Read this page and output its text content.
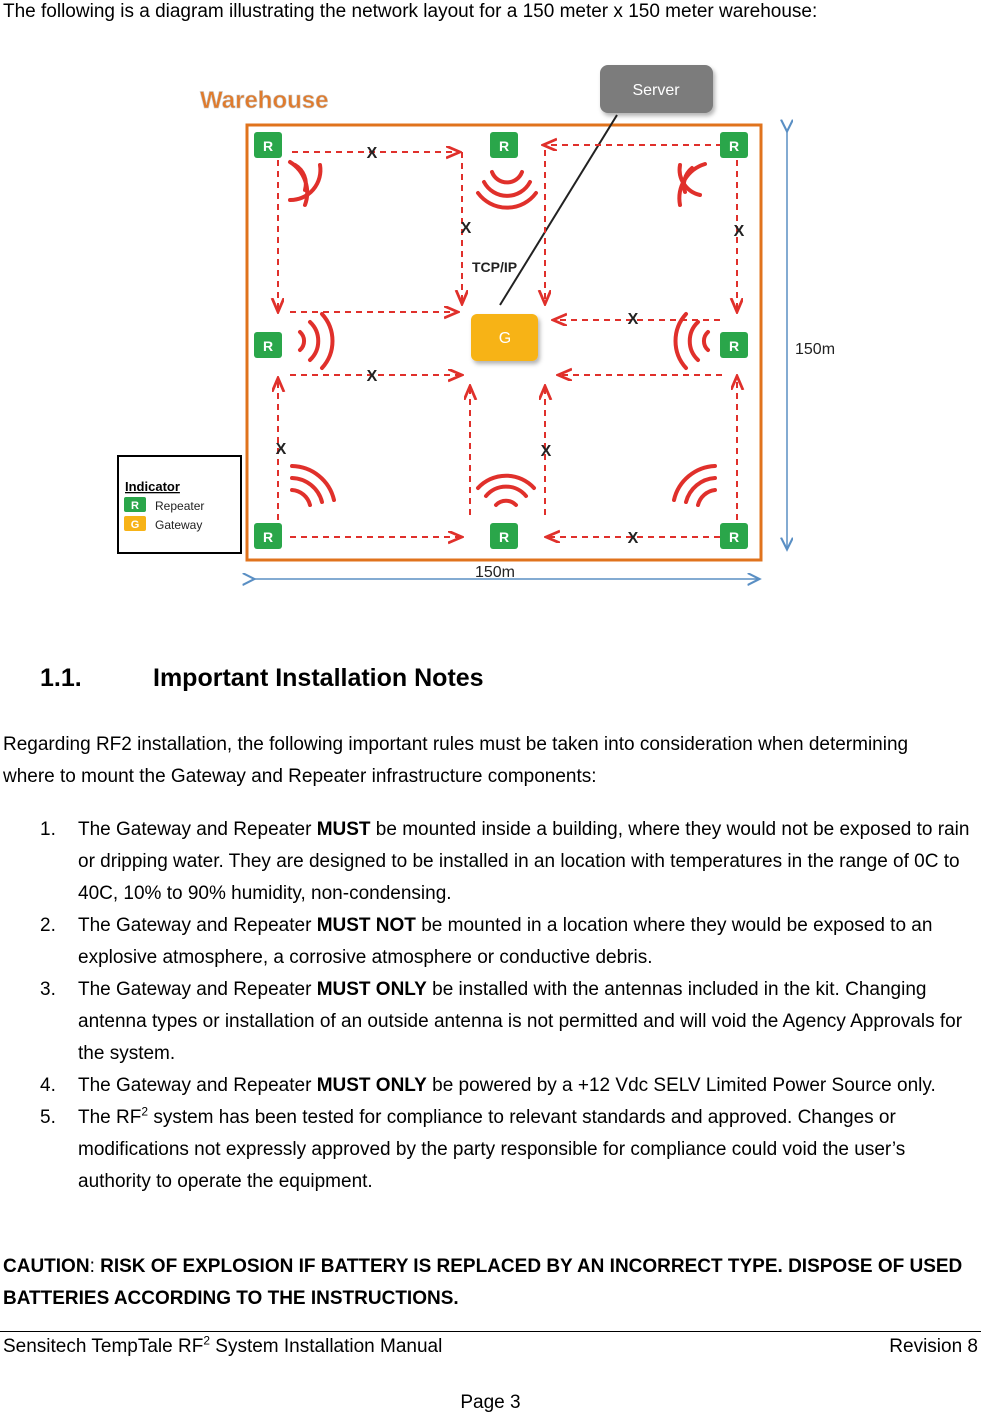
The following is a diagram illustrating the network layout for a 150 meter x 150 meter warehouse:
Warehouse	Server
TCP/IP
X
X	X
X
X
X	X
X
R	R	R
R	R
R	R	R
G
150m
150m
Indicator
R Repeater
G Gateway
1.1.	Important Installation Notes
Regarding RF2 installation, the following important rules must be taken into consideration when determining where to mount the Gateway and Repeater infrastructure components:
1. The Gateway and Repeater MUST be mounted inside a building, where they would not be exposed to rain or dripping water. They are designed to be installed in an location with temperatures in the range of 0C to 40C, 10% to 90% humidity, non-condensing.
2. The Gateway and Repeater MUST NOT be mounted in a location where they would be exposed to an explosive atmosphere, a corrosive atmosphere or conductive debris.
3. The Gateway and Repeater MUST ONLY be installed with the antennas included in the kit. Changing antenna types or installation of an outside antenna is not permitted and will void the Agency Approvals for the system.
4. The Gateway and Repeater MUST ONLY be powered by a +12 Vdc SELV Limited Power Source only.
5. The $RF^2$ system has been tested for compliance to relevant standards and approved. Changes or modifications not expressly approved by the party responsible for compliance could void the user’s authority to operate the equipment.
CAUTION: RISK OF EXPLOSION IF BATTERY IS REPLACED BY AN INCORRECT TYPE. DISPOSE OF USED BATTERIES ACCORDING TO THE INSTRUCTIONS.
Sensitech TempTale $RF^2$ System Installation Manual	Revision 8
Page 3
